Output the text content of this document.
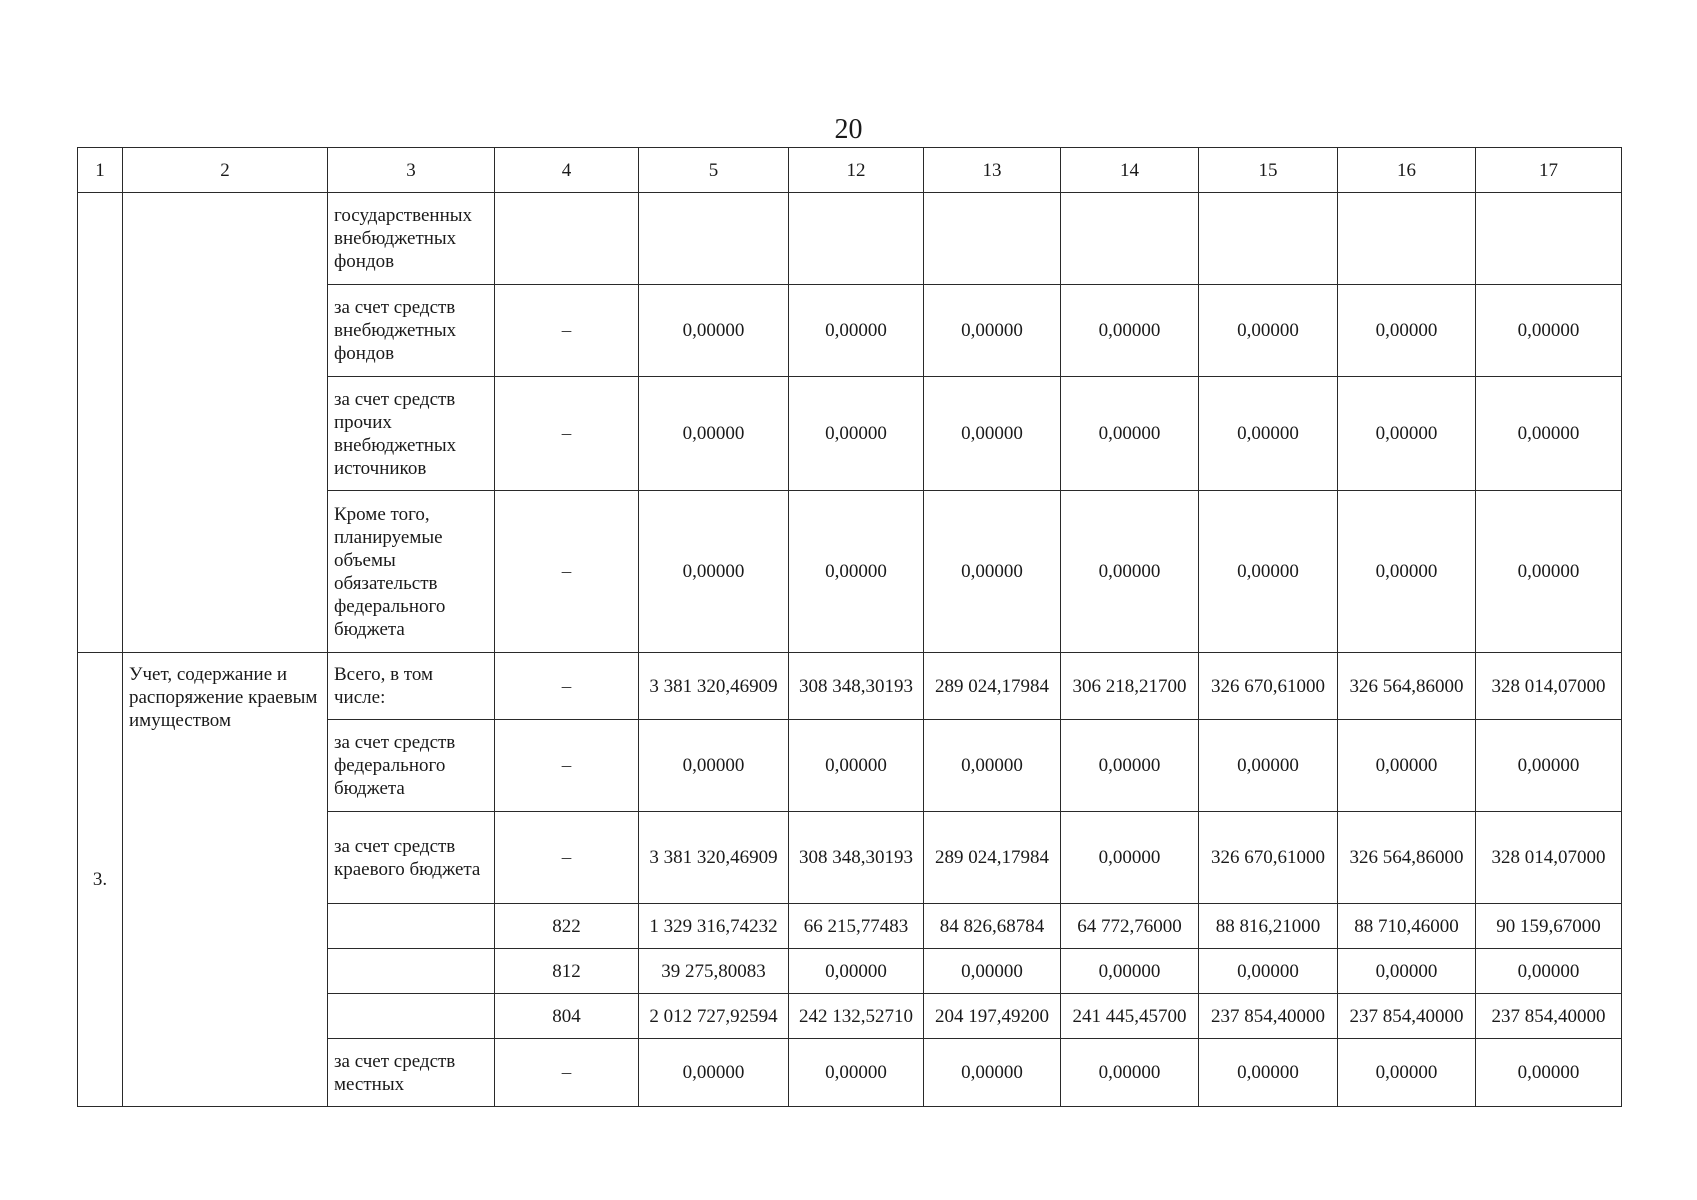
20
1	2	3	4	5	12	13	14	15	16	17
		государственных внебюджетных фондов								
		за счет средств внебюджетных фондов	–	0,00000	0,00000	0,00000	0,00000	0,00000	0,00000	0,00000
		за счет средств прочих внебюджетных источников	–	0,00000	0,00000	0,00000	0,00000	0,00000	0,00000	0,00000
		Кроме того, планируемые объемы обязательств федерального бюджета	–	0,00000	0,00000	0,00000	0,00000	0,00000	0,00000	0,00000
3.	Учет, содержание и распоряжение краевым имуществом	Всего, в том числе:	–	3 381 320,46909	308 348,30193	289 024,17984	306 218,21700	326 670,61000	326 564,86000	328 014,07000
		за счет средств федерального бюджета	–	0,00000	0,00000	0,00000	0,00000	0,00000	0,00000	0,00000
		за счет средств краевого бюджета	–	3 381 320,46909	308 348,30193	289 024,17984	0,00000	326 670,61000	326 564,86000	328 014,07000
			822	1 329 316,74232	66 215,77483	84 826,68784	64 772,76000	88 816,21000	88 710,46000	90 159,67000
			812	39 275,80083	0,00000	0,00000	0,00000	0,00000	0,00000	0,00000
			804	2 012 727,92594	242 132,52710	204 197,49200	241 445,45700	237 854,40000	237 854,40000	237 854,40000
		за счет средств местных	–	0,00000	0,00000	0,00000	0,00000	0,00000	0,00000	0,00000
